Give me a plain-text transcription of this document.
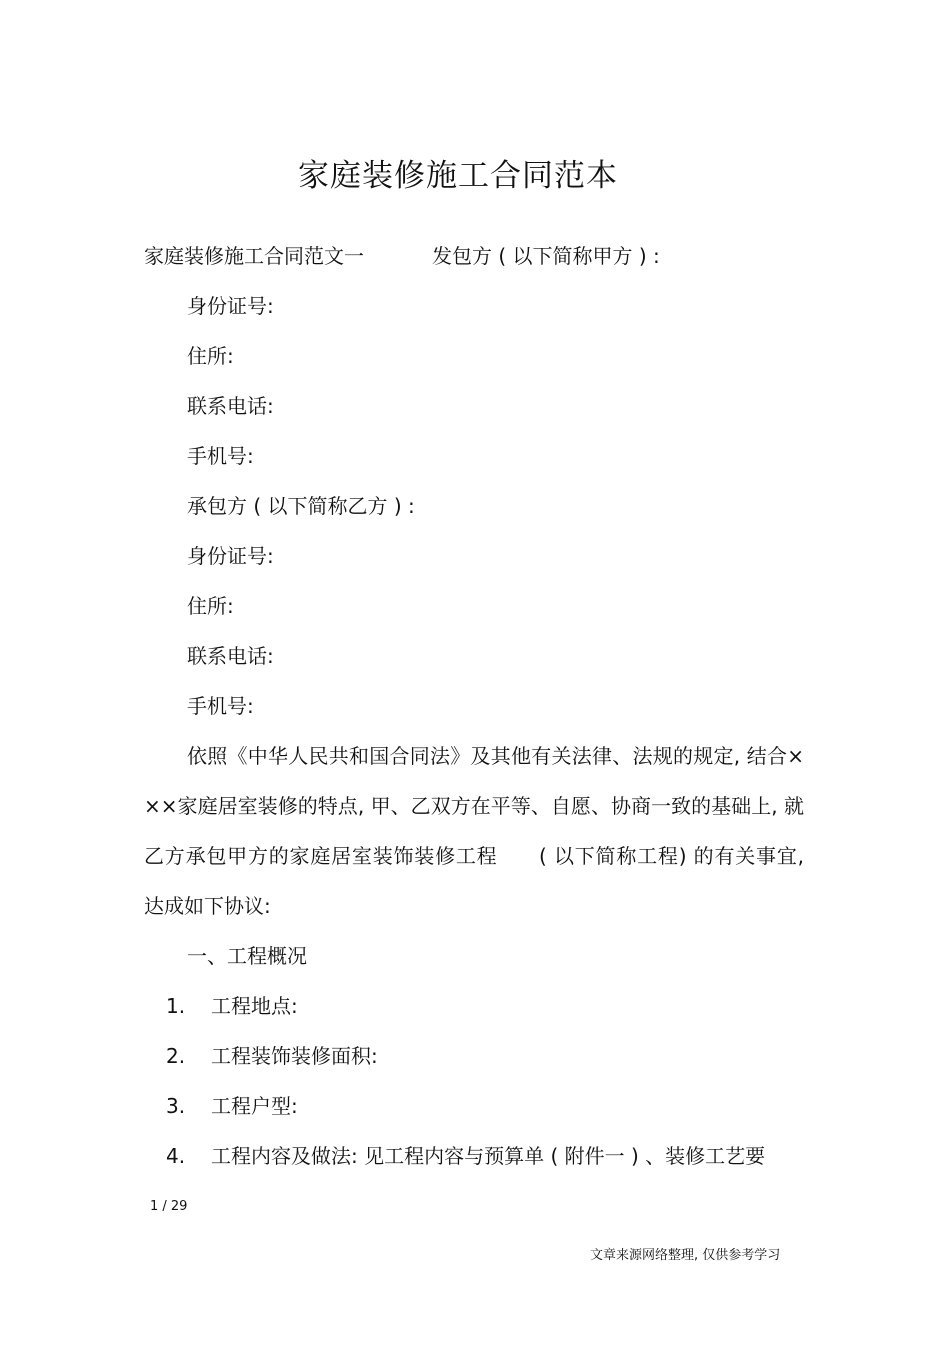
家庭装修施工合同范本
家庭装修施工合同范文一	发包方 ( 以下简称甲方 ) :
身份证号:
住所:
联系电话:
手机号:
承包方 ( 以下简称乙方 ) :
身份证号:
住所:
联系电话:
手机号:
依照《中华人民共和国合同法》及其他有关法律、法规的规定, 结合×××家庭居室装修的特点, 甲、乙双方在平等、自愿、协商一致的基础上, 就乙方承包甲方的家庭居室装饰装修工程　　( 以下简称工程) 的有关事宜, 达成如下协议:
一、工程概况
1. 工程地点:
2. 工程装饰装修面积:
3. 工程户型:
4. 工程内容及做法: 见工程内容与预算单 ( 附件一 ) 、装修工艺要
1 / 29
文章来源网络整理, 仅供参考学习
